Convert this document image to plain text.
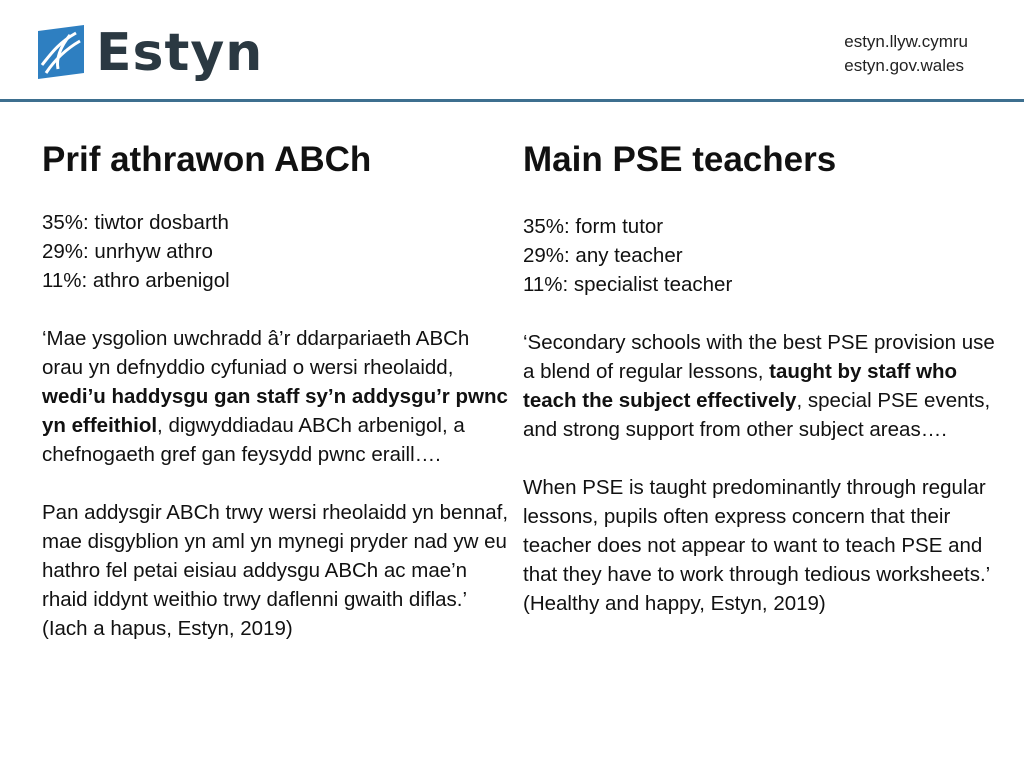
Estyn	estyn.llyw.cymru
estyn.gov.wales
Prif athrawon ABCh
35%: tiwtor dosbarth
29%: unrhyw athro
11%: athro arbenigol
‘Mae ysgolion uwchradd â’r ddarpariaeth ABCh orau yn defnyddio cyfuniad o wersi rheolaidd, wedi’u haddysgu gan staff sy’n addysgu’r pwnc yn effeithiol, digwyddiadau ABCh arbenigol, a chefnogaeth gref gan feysydd pwnc eraill….
Pan addysgir ABCh trwy wersi rheolaidd yn bennaf, mae disgyblion yn aml yn mynegi pryder nad yw eu hathro fel petai eisiau addysgu ABCh ac mae’n rhaid iddynt weithio trwy daflenni gwaith diflas.’ (Iach a hapus, Estyn, 2019)
Main PSE teachers
35%: form tutor
29%: any teacher
11%: specialist teacher
‘Secondary schools with the best PSE provision use a blend of regular lessons, taught by staff who teach the subject effectively, special PSE events, and strong support from other subject areas….
When PSE is taught predominantly through regular lessons, pupils often express concern that their teacher does not appear to want to teach PSE and that they have to work through tedious worksheets.’ (Healthy and happy, Estyn, 2019)
